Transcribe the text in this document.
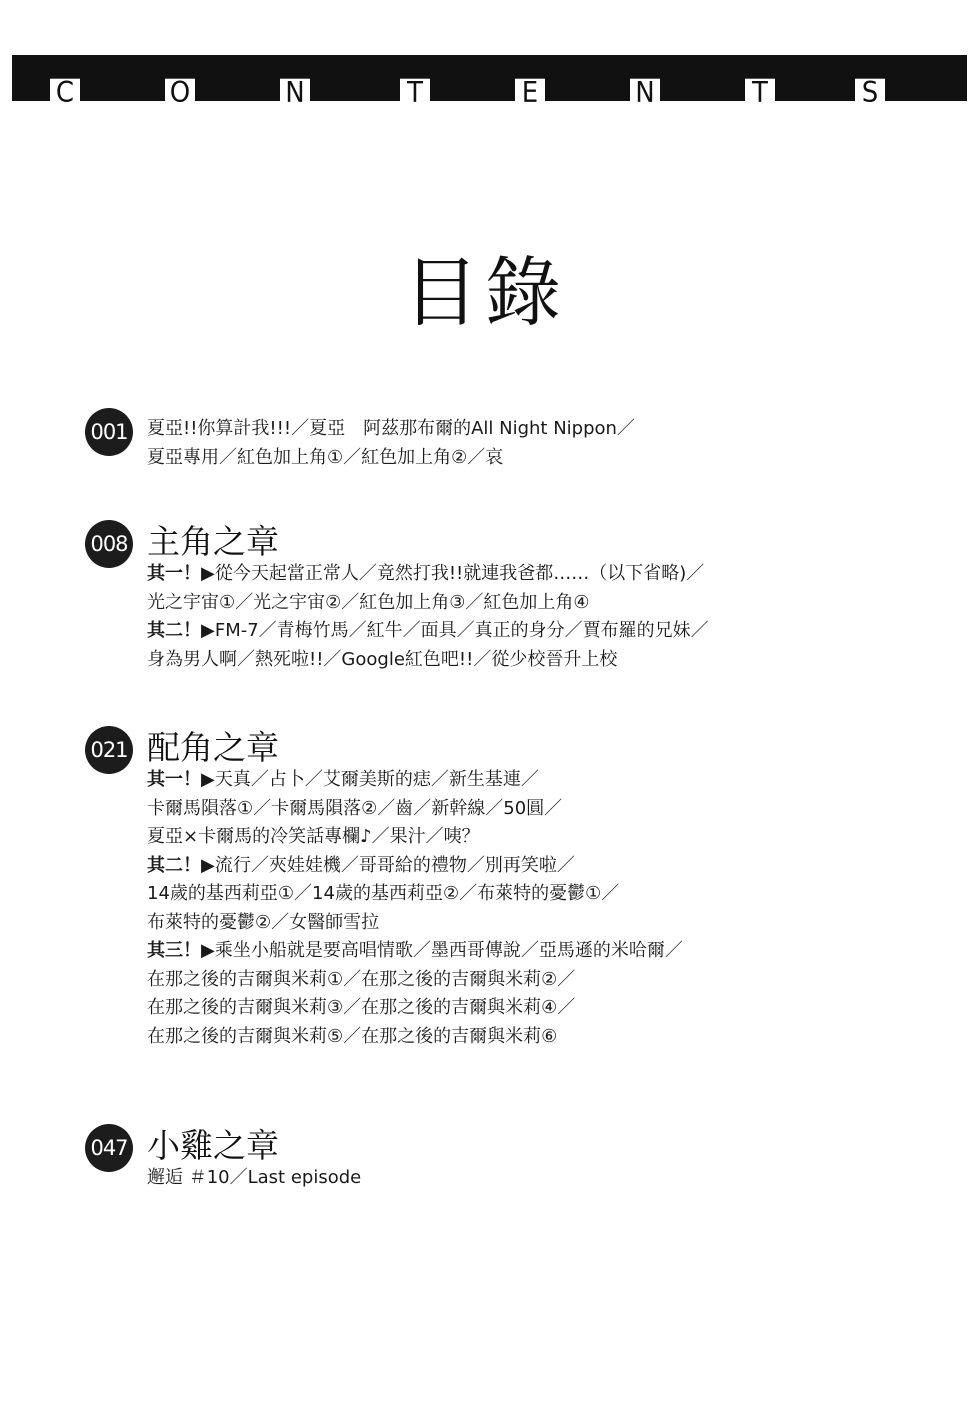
C	O	N	T	E	N	T	S
目錄
001	夏亞!!你算計我!!!／夏亞　阿茲那布爾的All Night Nippon／
夏亞專用／紅色加上角①／紅色加上角②／哀
008 主角之章
其一！▶從今天起當正常人／竟然打我!!就連我爸都……（以下省略)／
光之宇宙①／光之宇宙②／紅色加上角③／紅色加上角④
其二！▶FM-7／青梅竹馬／紅牛／面具／真正的身分／賈布羅的兄妹／
身為男人啊／熱死啦!!／Google紅色吧!!／從少校晉升上校
021 配角之章
其一！▶天真／占卜／艾爾美斯的痣／新生基連／
卡爾馬隕落①／卡爾馬隕落②／齒／新幹線／50圓／
夏亞×卡爾馬的冷笑話專欄♪／果汁／咦？
其二！▶流行／夾娃娃機／哥哥給的禮物／別再笑啦／
14歲的基西莉亞①／14歲的基西莉亞②／布萊特的憂鬱①／
布萊特的憂鬱②／女醫師雪拉
其三！▶乘坐小船就是要高唱情歌／墨西哥傳說／亞馬遜的米哈爾／
在那之後的吉爾與米莉①／在那之後的吉爾與米莉②／
在那之後的吉爾與米莉③／在那之後的吉爾與米莉④／
在那之後的吉爾與米莉⑤／在那之後的吉爾與米莉⑥
047 小雞之章
邂逅 ＃10／Last episode
